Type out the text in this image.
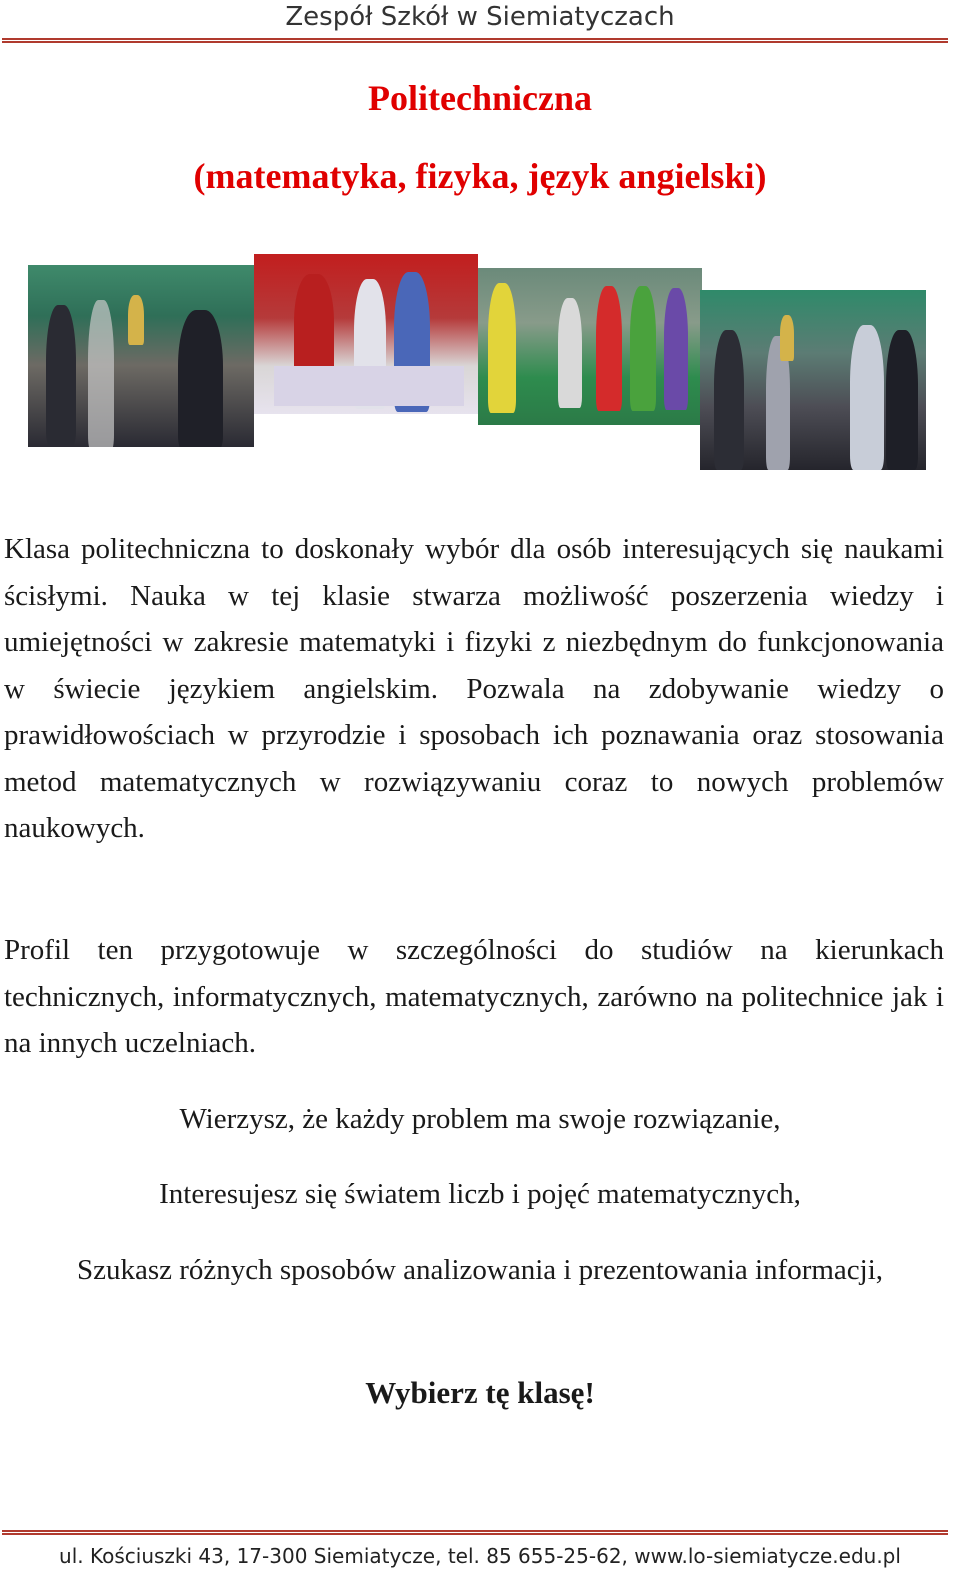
Zespół Szkół w Siemiatyczach
Politechniczna
(matematyka, fizyka, język angielski)

Klasa politechniczna to doskonały wybór dla osób interesujących się naukami ścisłymi. Nauka w tej klasie stwarza możliwość poszerzenia wiedzy i umiejętności w zakresie matematyki i fizyki z niezbędnym do funkcjonowania w świecie językiem angielskim. Pozwala na zdobywanie wiedzy o prawidłowościach w przyrodzie i sposobach ich poznawania oraz stosowania metod matematycznych w rozwiązywaniu coraz to nowych problemów naukowych.

Profil ten przygotowuje w szczególności do studiów na kierunkach technicznych, informatycznych, matematycznych, zarówno na politechnice jak i na innych uczelniach.

Wierzysz, że każdy problem ma swoje rozwiązanie,

Interesujesz się światem liczb i pojęć matematycznych,

Szukasz różnych sposobów analizowania i prezentowania informacji,

Wybierz tę klasę!

ul. Kościuszki 43, 17-300 Siemiatycze, tel. 85 655-25-62, www.lo-siemiatycze.edu.pl
